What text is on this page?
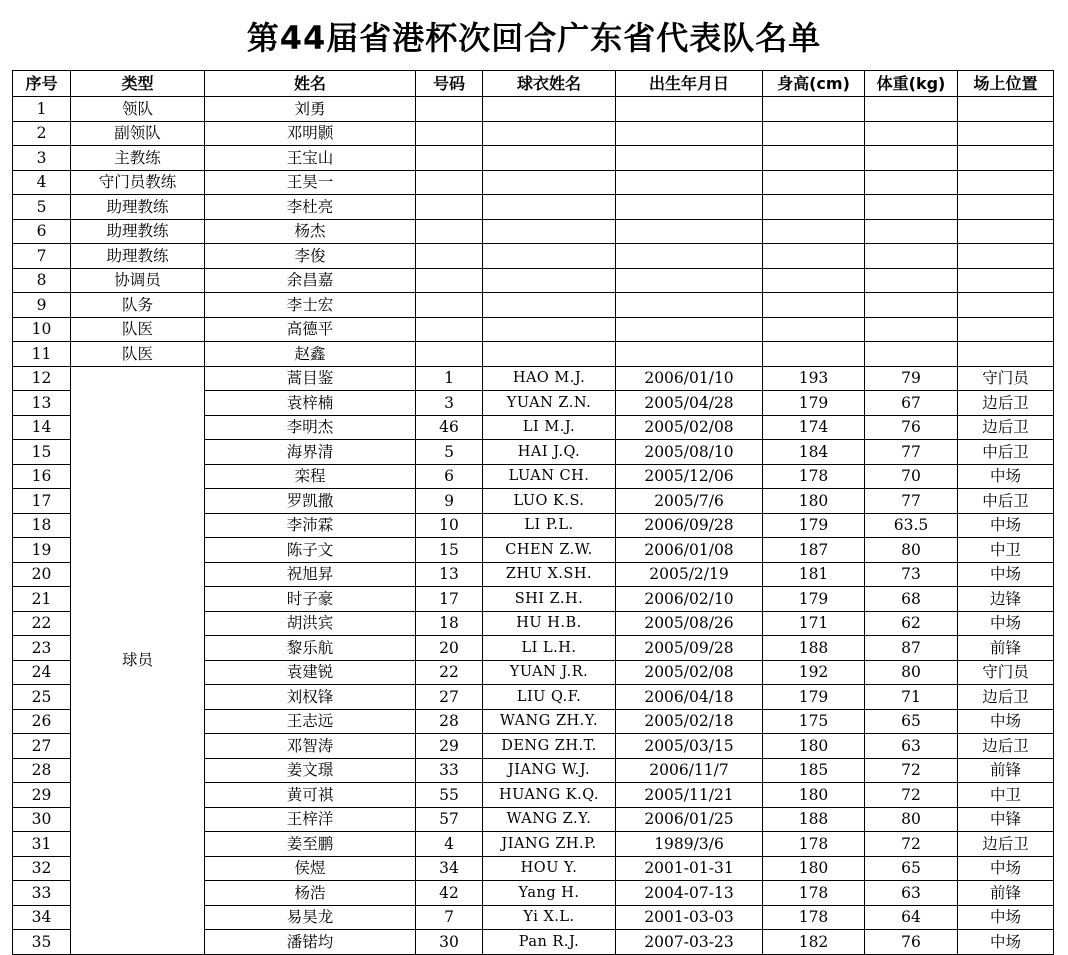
第44届省港杯次回合广东省代表队名单
序号	类型	姓名	号码	球衣姓名	出生年月日	身高(cm)	体重(kg)	场上位置
1	领队	刘勇						
2	副领队	邓明颢						
3	主教练	王宝山						
4	守门员教练	王昊一						
5	助理教练	李杜亮						
6	助理教练	杨杰						
7	助理教练	李俊						
8	协调员	余昌嘉						
9	队务	李士宏						
10	队医	高德平						
11	队医	赵鑫						
12	球员	蒿目鉴	1	HAO M.J.	2006/01/10	193	79	守门员
13		袁梓楠	3	YUAN Z.N.	2005/04/28	179	67	边后卫
14		李明杰	46	LI M.J.	2005/02/08	174	76	边后卫
15		海界清	5	HAI J.Q.	2005/08/10	184	77	中后卫
16		栾程	6	LUAN CH.	2005/12/06	178	70	中场
17		罗凯撒	9	LUO K.S.	2005/7/6	180	77	中后卫
18		李沛霖	10	LI P.L.	2006/09/28	179	63.5	中场
19		陈子文	15	CHEN Z.W.	2006/01/08	187	80	中卫
20		祝旭昇	13	ZHU X.SH.	2005/2/19	181	73	中场
21		时子豪	17	SHI Z.H.	2006/02/10	179	68	边锋
22		胡洪宾	18	HU H.B.	2005/08/26	171	62	中场
23		黎乐航	20	LI L.H.	2005/09/28	188	87	前锋
24		袁建锐	22	YUAN J.R.	2005/02/08	192	80	守门员
25		刘权锋	27	LIU Q.F.	2006/04/18	179	71	边后卫
26		王志远	28	WANG ZH.Y.	2005/02/18	175	65	中场
27		邓智涛	29	DENG ZH.T.	2005/03/15	180	63	边后卫
28		姜文璟	33	JIANG W.J.	2006/11/7	185	72	前锋
29		黄可祺	55	HUANG K.Q.	2005/11/21	180	72	中卫
30		王梓洋	57	WANG Z.Y.	2006/01/25	188	80	中锋
31		姜至鹏	4	JIANG ZH.P.	1989/3/6	178	72	边后卫
32		侯煜	34	HOU Y.	2001-01-31	180	65	中场
33		杨浩	42	Yang H.	2004-07-13	178	63	前锋
34		易昊龙	7	Yi X.L.	2001-03-03	178	64	中场
35		潘锘均	30	Pan R.J.	2007-03-23	182	76	中场
